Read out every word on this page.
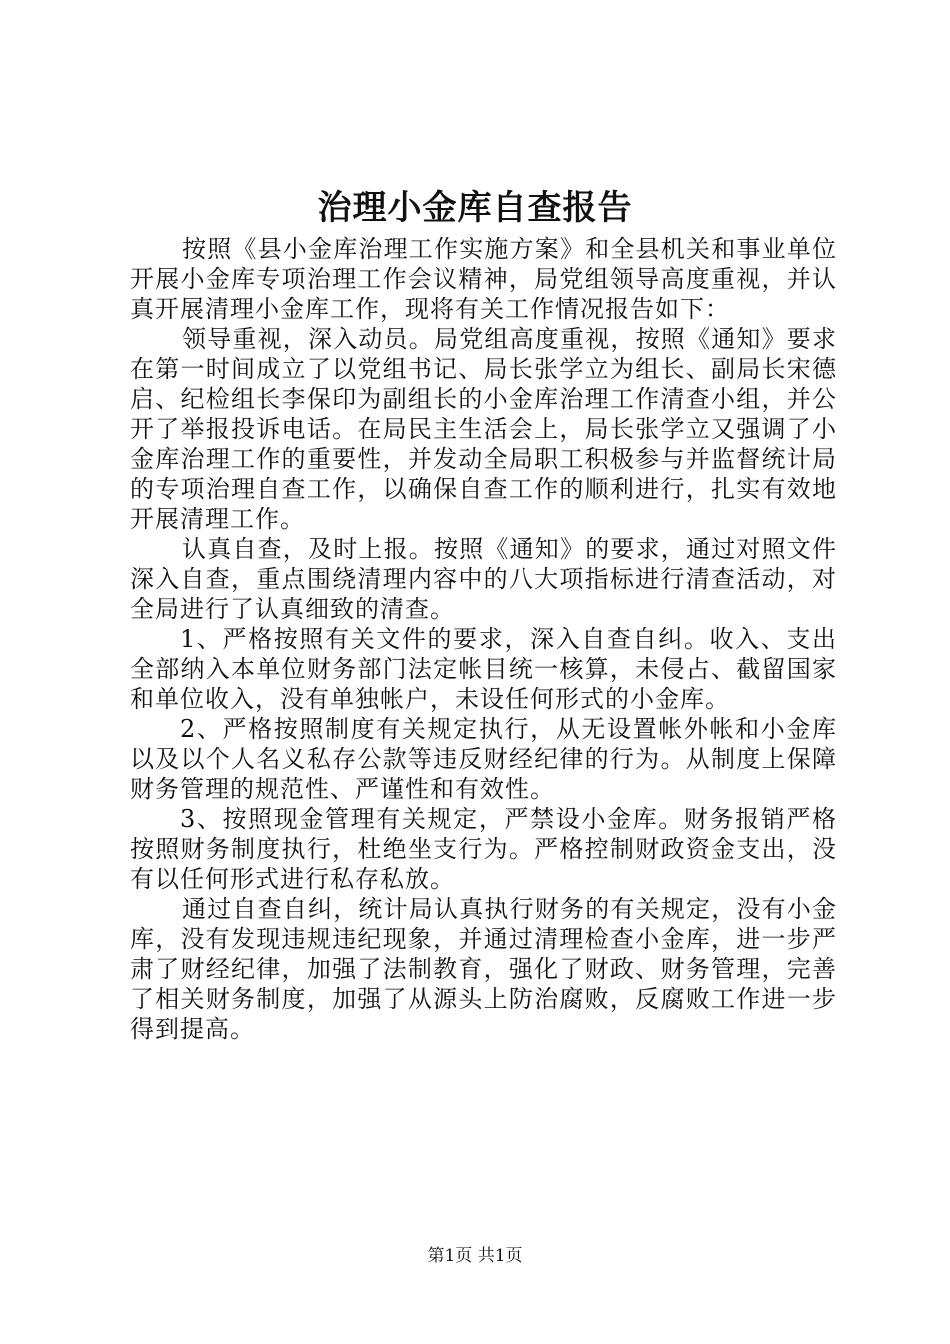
治理小金库自查报告

按照《县小金库治理工作实施方案》和全县机关和事业单位开展小金库专项治理工作会议精神，局党组领导高度重视，并认真开展清理小金库工作，现将有关工作情况报告如下：

领导重视，深入动员。局党组高度重视，按照《通知》要求在第一时间成立了以党组书记、局长张学立为组长、副局长宋德启、纪检组长李保印为副组长的小金库治理工作清查小组，并公开了举报投诉电话。在局民主生活会上，局长张学立又强调了小金库治理工作的重要性，并发动全局职工积极参与并监督统计局的专项治理自查工作，以确保自查工作的顺利进行，扎实有效地开展清理工作。

认真自查，及时上报。按照《通知》的要求，通过对照文件深入自查，重点围绕清理内容中的八大项指标进行清查活动，对全局进行了认真细致的清查。

1、严格按照有关文件的要求，深入自查自纠。收入、支出全部纳入本单位财务部门法定帐目统一核算，未侵占、截留国家和单位收入，没有单独帐户，未设任何形式的小金库。

2、严格按照制度有关规定执行，从无设置帐外帐和小金库以及以个人名义私存公款等违反财经纪律的行为。从制度上保障财务管理的规范性、严谨性和有效性。

3、按照现金管理有关规定，严禁设小金库。财务报销严格按照财务制度执行，杜绝坐支行为。严格控制财政资金支出，没有以任何形式进行私存私放。

通过自查自纠，统计局认真执行财务的有关规定，没有小金库，没有发现违规违纪现象，并通过清理检查小金库，进一步严肃了财经纪律，加强了法制教育，强化了财政、财务管理，完善了相关财务制度，加强了从源头上防治腐败，反腐败工作进一步得到提高。

第1页 共1页
